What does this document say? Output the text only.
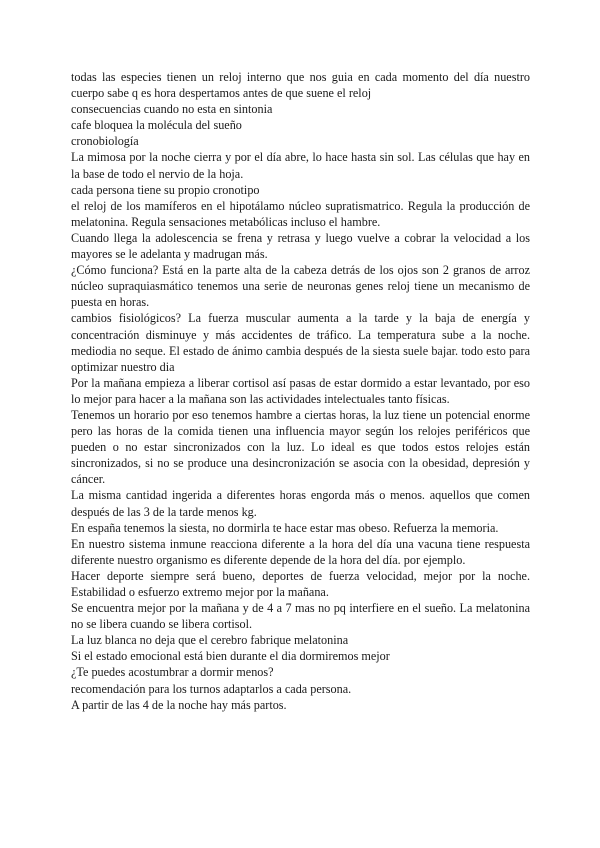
todas las especies tienen un reloj interno que nos guia en cada momento del día nuestro cuerpo sabe q es hora despertamos antes de que suene el reloj

consecuencias cuando no esta en sintonia

cafe bloquea la molécula del sueño

cronobiología

La mimosa por la noche cierra y por el día abre, lo hace hasta sin sol. Las células que hay en la base de todo el nervio de la hoja.

cada persona tiene su propio cronotipo

el reloj de los mamíferos en el hipotálamo núcleo supratismatrico. Regula la producción de melatonina. Regula sensaciones metabólicas incluso el hambre.

Cuando llega la adolescencia se frena y retrasa y luego vuelve a cobrar la velocidad a los mayores se le adelanta y madrugan más.

¿Cómo funciona? Está en la parte alta de la cabeza detrás de los ojos son 2 granos de arroz núcleo supraquiasmático tenemos una serie de neuronas genes reloj tiene un mecanismo de puesta en horas.

cambios fisiológicos? La fuerza muscular aumenta a la tarde y la baja de energía y concentración disminuye y más accidentes de tráfico. La temperatura sube a la noche. mediodia no seque. El estado de ánimo cambia después de la siesta suele bajar. todo esto para optimizar nuestro dia

Por la mañana empieza a liberar cortisol así pasas de estar dormido a estar levantado, por eso lo mejor para hacer a la mañana son las actividades intelectuales tanto físicas.

Tenemos un horario por eso tenemos hambre a ciertas horas, la luz tiene un potencial enorme pero las horas de la comida tienen una influencia mayor según los relojes periféricos que pueden o no estar sincronizados con la luz. Lo ideal es que todos estos relojes están sincronizados, si no se produce una desincronización se asocia con la obesidad, depresión y cáncer.

La misma cantidad ingerida a diferentes horas engorda más o menos. aquellos que comen después de las 3 de la tarde menos kg.

En españa tenemos la siesta, no dormirla te hace estar mas obeso. Refuerza la memoria.

En nuestro sistema inmune reacciona diferente a la hora del día una vacuna tiene respuesta diferente nuestro organismo es diferente depende de la hora del día. por ejemplo.

Hacer deporte siempre será bueno, deportes de fuerza velocidad, mejor por la noche. Estabilidad o esfuerzo extremo mejor por la mañana.

Se encuentra mejor por la mañana y de 4 a 7 mas no pq interfiere en el sueño. La melatonina no se libera cuando se libera cortisol.

La luz blanca no deja que el cerebro fabrique melatonina

Si el estado emocional está bien durante el dia dormiremos mejor

¿Te puedes acostumbrar a dormir menos?

recomendación para los turnos adaptarlos a cada persona.

A partir de las 4 de la noche hay más partos.
